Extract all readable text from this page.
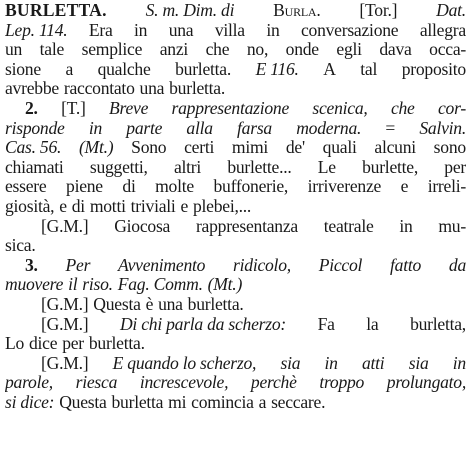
BURLETTA. S. m. Dim. di Burla. [Tor.] Dat.
Lep. 114. Era in una villa in conversazione allegra
un tale semplice anzi che no, onde egli dava occa-
sione a qualche burletta. E 116. A tal proposito
avrebbe raccontato una burletta.
2. [T.] Breve rappresentazione scenica, che cor-
risponde in parte alla farsa moderna. = Salvin.
Cas. 56. (Mt.) Sono certi mimi de' quali alcuni sono
chiamati suggetti, altri burlette... Le burlette, per
essere piene di molte buffonerie, irriverenze e irreli-
giosità, e di motti triviali e plebei,...
[G.M.] Giocosa rappresentanza teatrale in mu-
sica.
3. Per Avvenimento ridicolo, Piccol fatto da
muovere il riso. Fag. Comm. (Mt.)
[G.M.] Questa è una burletta.
[G.M.] Di chi parla da scherzo: Fa la burletta,
Lo dice per burletta.
[G.M.] E quando lo scherzo, sia in atti sia in
parole, riesca increscevole, perchè troppo prolungato,
si dice: Questa burletta mi comincia a seccare.
